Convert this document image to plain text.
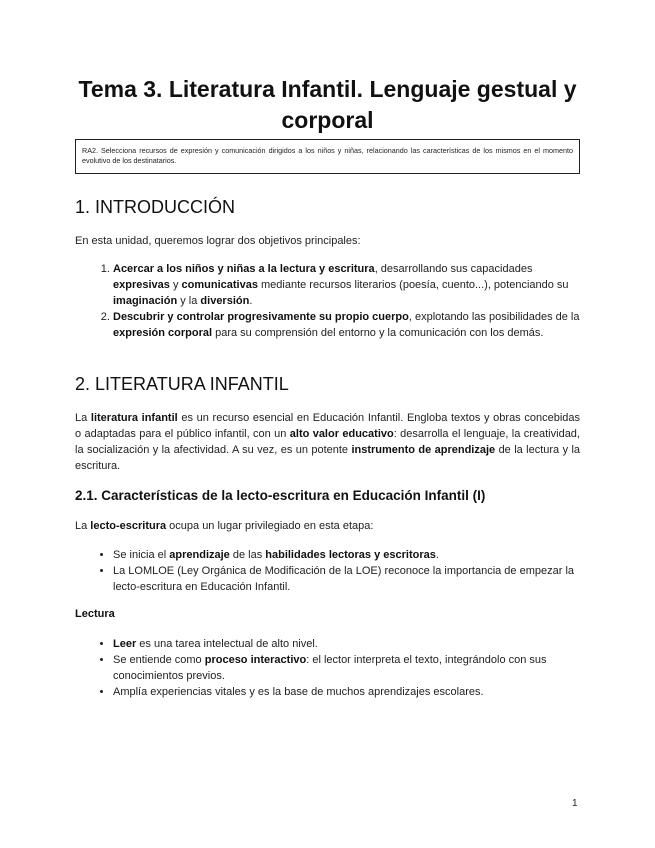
Tema 3. Literatura Infantil. Lenguaje gestual y corporal
RA2. Selecciona recursos de expresión y comunicación dirigidos a los niños y niñas, relacionando las características de los mismos en el momento evolutivo de los destinatarios.
1. INTRODUCCIÓN

En esta unidad, queremos lograr dos objetivos principales:

1. Acercar a los niños y niñas a la lectura y escritura, desarrollando sus capacidades expresivas y comunicativas mediante recursos literarios (poesía, cuento...), potenciando su imaginación y la diversión.
2. Descubrir y controlar progresivamente su propio cuerpo, explotando las posibilidades de la expresión corporal para su comprensión del entorno y la comunicación con los demás.
2. LITERATURA INFANTIL

La literatura infantil es un recurso esencial en Educación Infantil. Engloba textos y obras concebidas o adaptadas para el público infantil, con un alto valor educativo: desarrolla el lenguaje, la creatividad, la socialización y la afectividad. A su vez, es un potente instrumento de aprendizaje de la lectura y la escritura.

2.1. Características de la lecto-escritura en Educación Infantil (I)

La lecto-escritura ocupa un lugar privilegiado en esta etapa:

• Se inicia el aprendizaje de las habilidades lectoras y escritoras.
• La LOMLOE (Ley Orgánica de Modificación de la LOE) reconoce la importancia de empezar la lecto-escritura en Educación Infantil.
Lectura
• Leer es una tarea intelectual de alto nivel.
• Se entiende como proceso interactivo: el lector interpreta el texto, integrándolo con sus conocimientos previos.
• Amplía experiencias vitales y es la base de muchos aprendizajes escolares.
1
